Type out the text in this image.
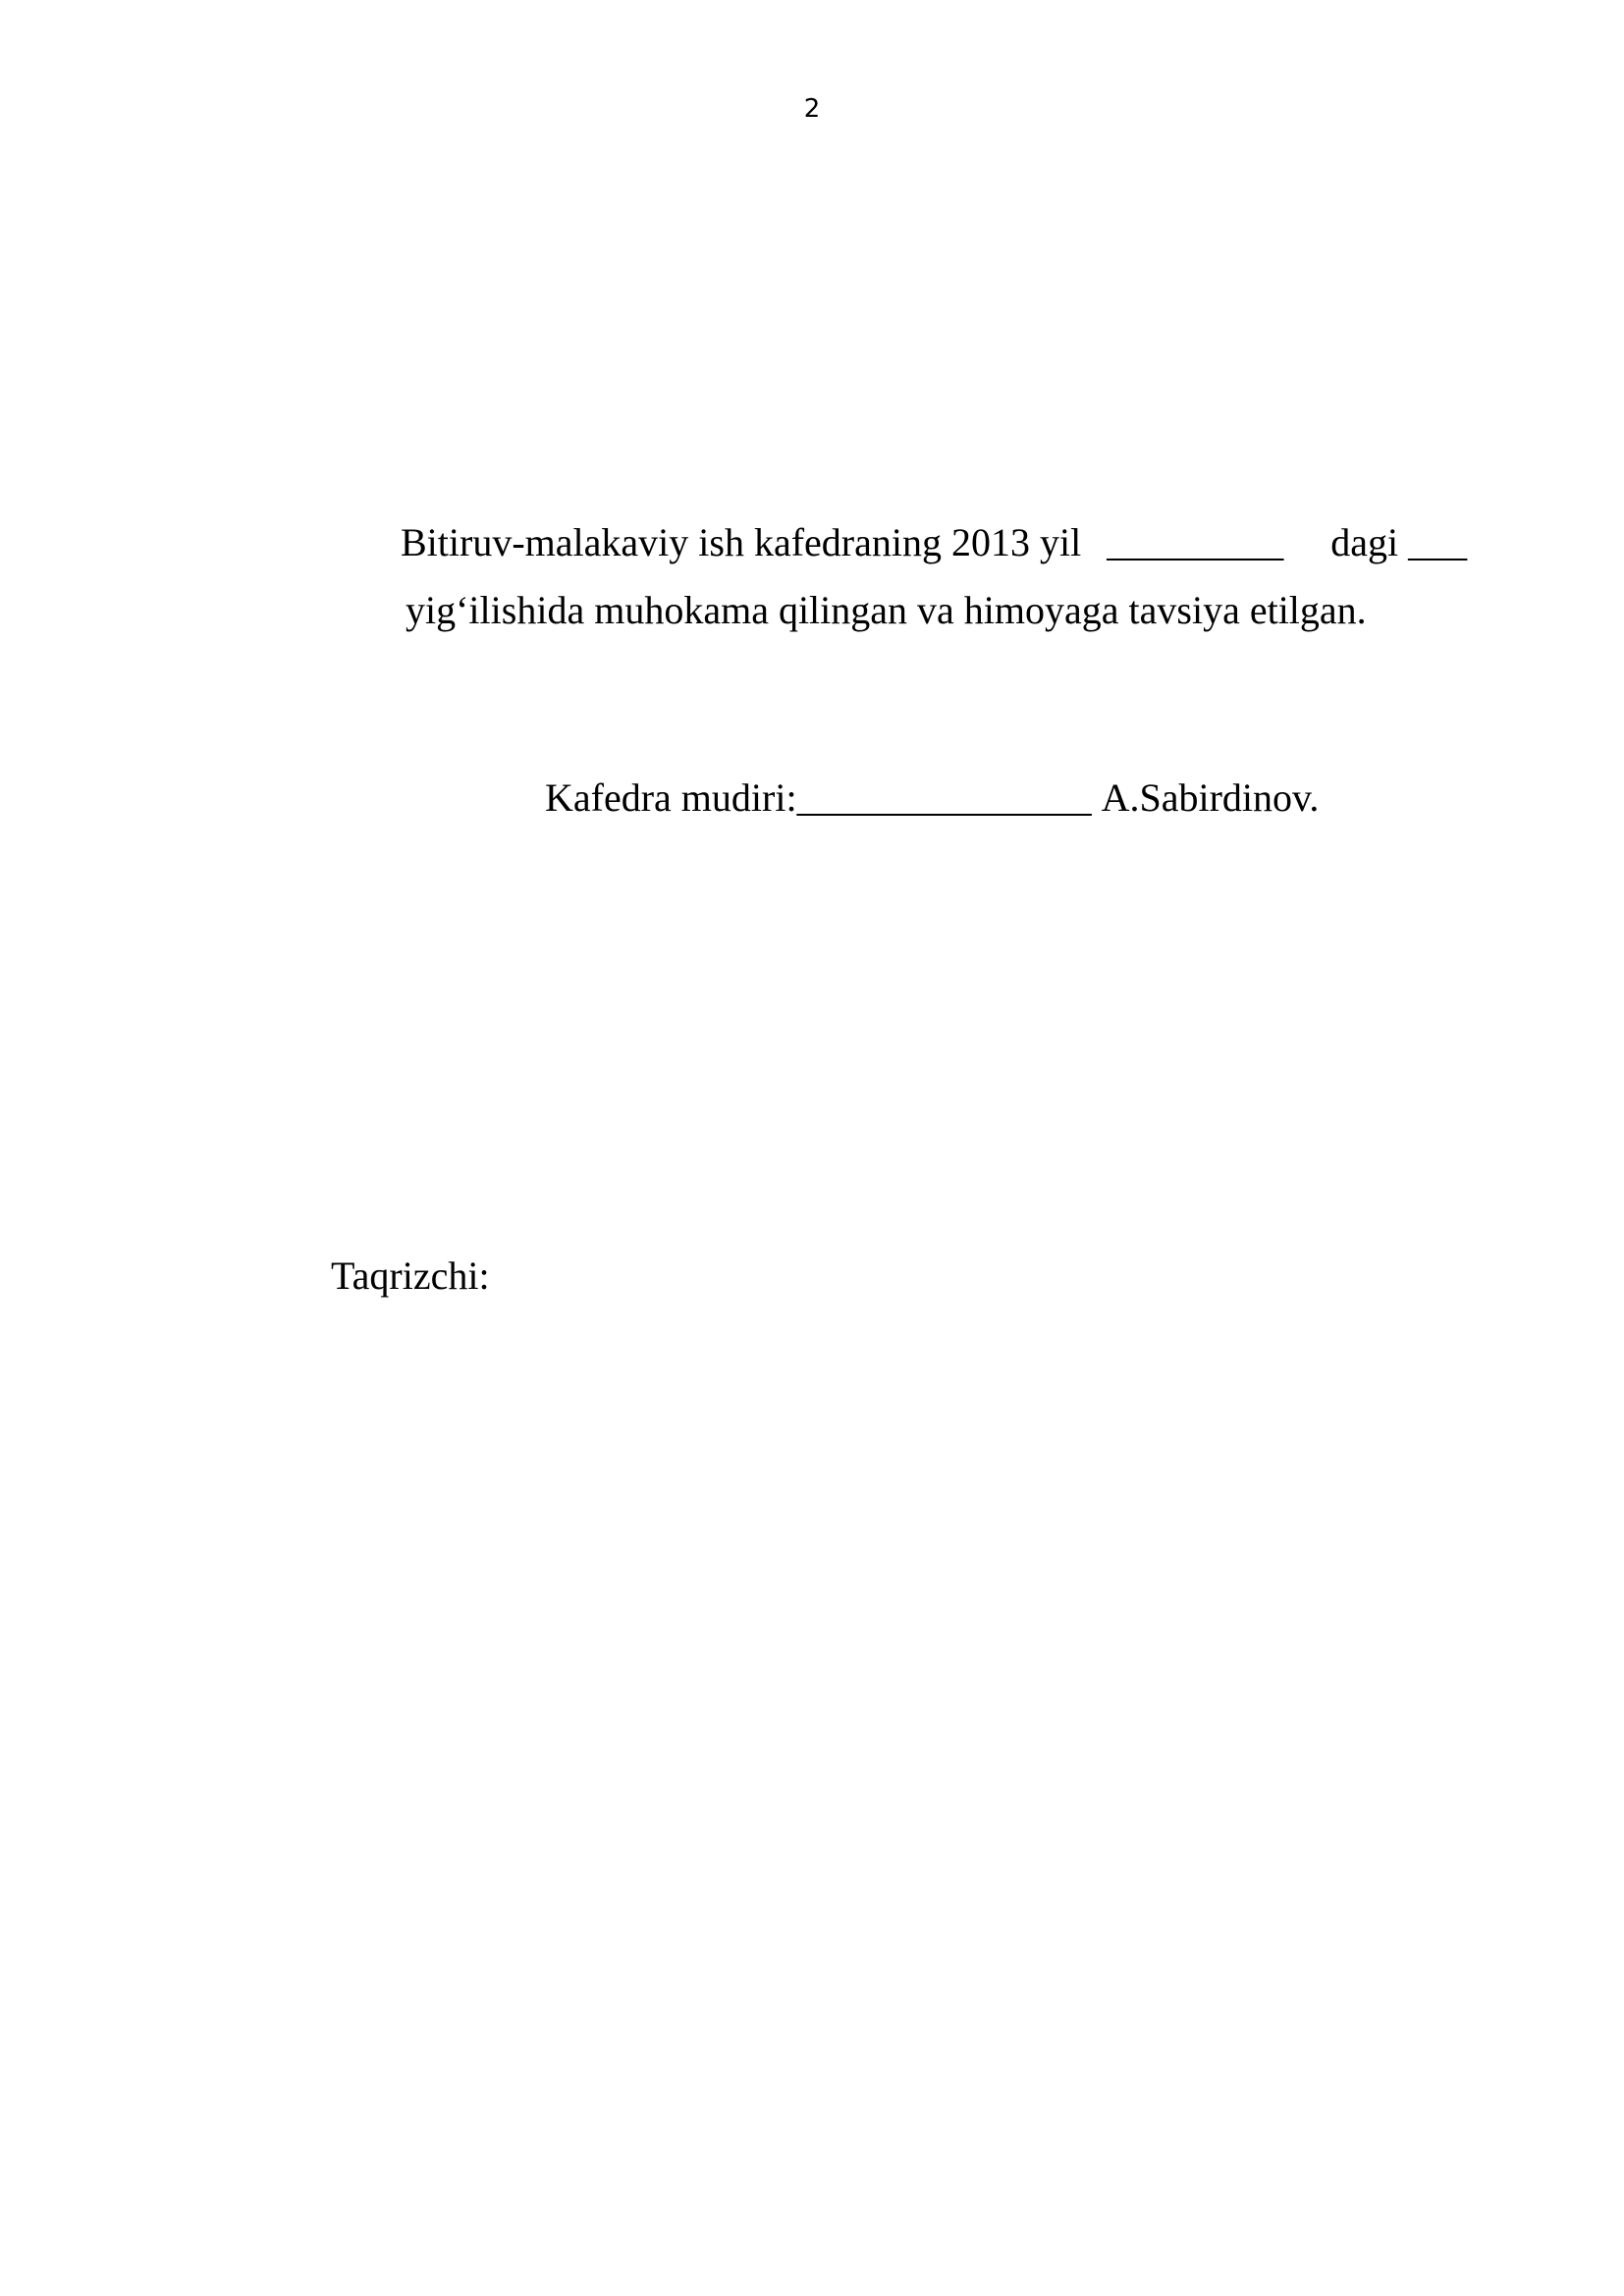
2
Bitiruv-malakaviy ish kafedraning 2013 yil _________ dagi ___
yig‘ilishida muhokama qilingan va himoyaga tavsiya etilgan.
Kafedra mudiri:_______________ A.Sabirdinov.
Taqrizchi:
